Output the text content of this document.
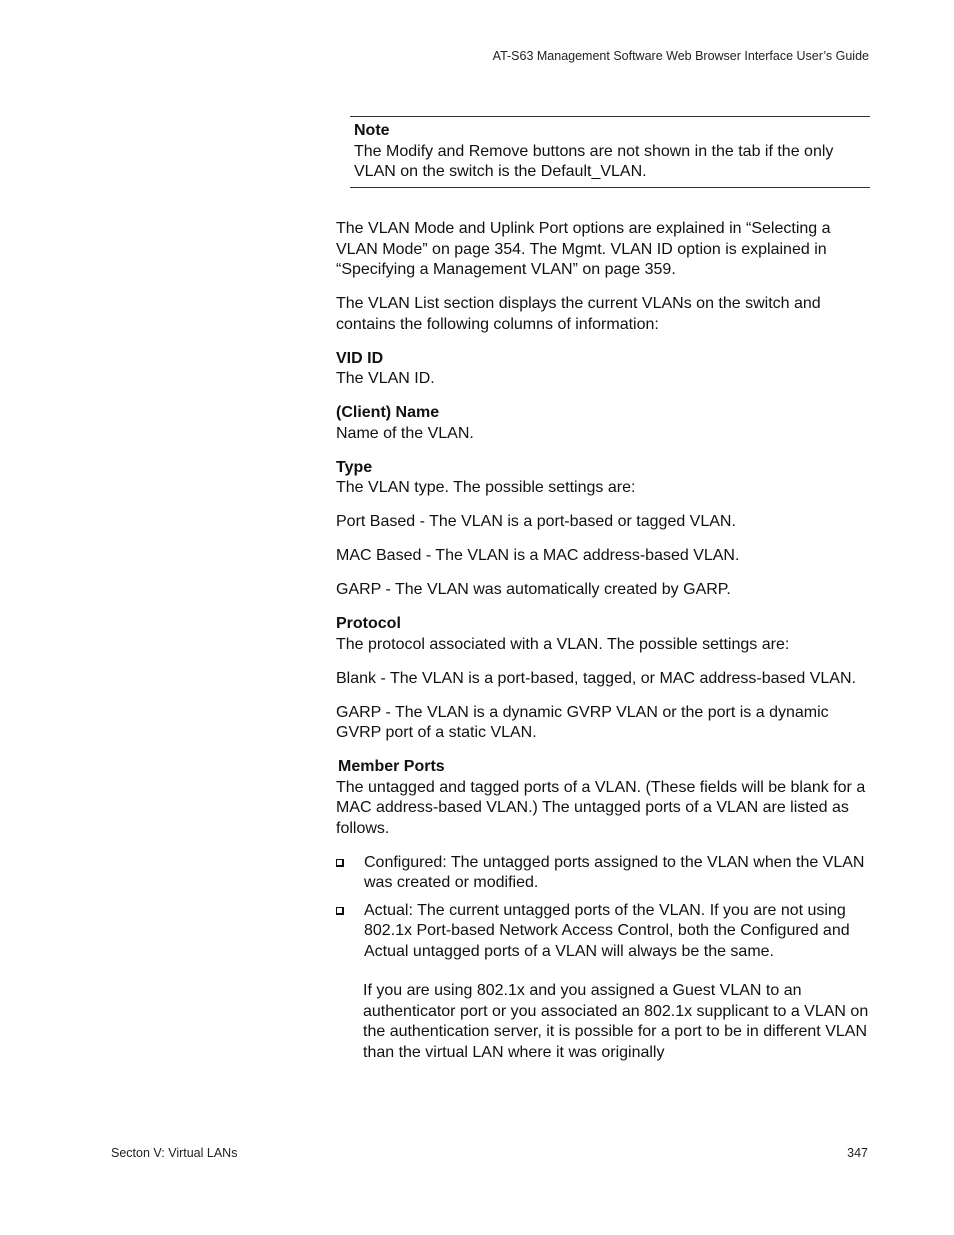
AT-S63 Management Software Web Browser Interface User’s Guide
Note
The Modify and Remove buttons are not shown in the tab if the only VLAN on the switch is the Default_VLAN.

The VLAN Mode and Uplink Port options are explained in “Selecting a VLAN Mode” on page 354. The Mgmt. VLAN ID option is explained in “Specifying a Management VLAN” on page 359.

The VLAN List section displays the current VLANs on the switch and contains the following columns of information:

VID ID

The VLAN ID.

(Client) Name

Name of the VLAN.

Type

The VLAN type. The possible settings are:

Port Based - The VLAN is a port-based or tagged VLAN.

MAC Based - The VLAN is a MAC address-based VLAN.

GARP - The VLAN was automatically created by GARP.

Protocol

The protocol associated with a VLAN. The possible settings are:

Blank - The VLAN is a port-based, tagged, or MAC address-based VLAN.

GARP - The VLAN is a dynamic GVRP VLAN or the port is a dynamic GVRP port of a static VLAN.

Member Ports

The untagged and tagged ports of a VLAN. (These fields will be blank for a MAC address-based VLAN.) The untagged ports of a VLAN are listed as follows.

Configured: The untagged ports assigned to the VLAN when the VLAN was created or modified.
Actual: The current untagged ports of the VLAN. If you are not using 802.1x Port-based Network Access Control, both the Configured and Actual untagged ports of a VLAN will always be the same.

If you are using 802.1x and you assigned a Guest VLAN to an authenticator port or you associated an 802.1x supplicant to a VLAN on the authentication server, it is possible for a port to be in different VLAN than the virtual LAN where it was originally

Secton V: Virtual LANs	347
